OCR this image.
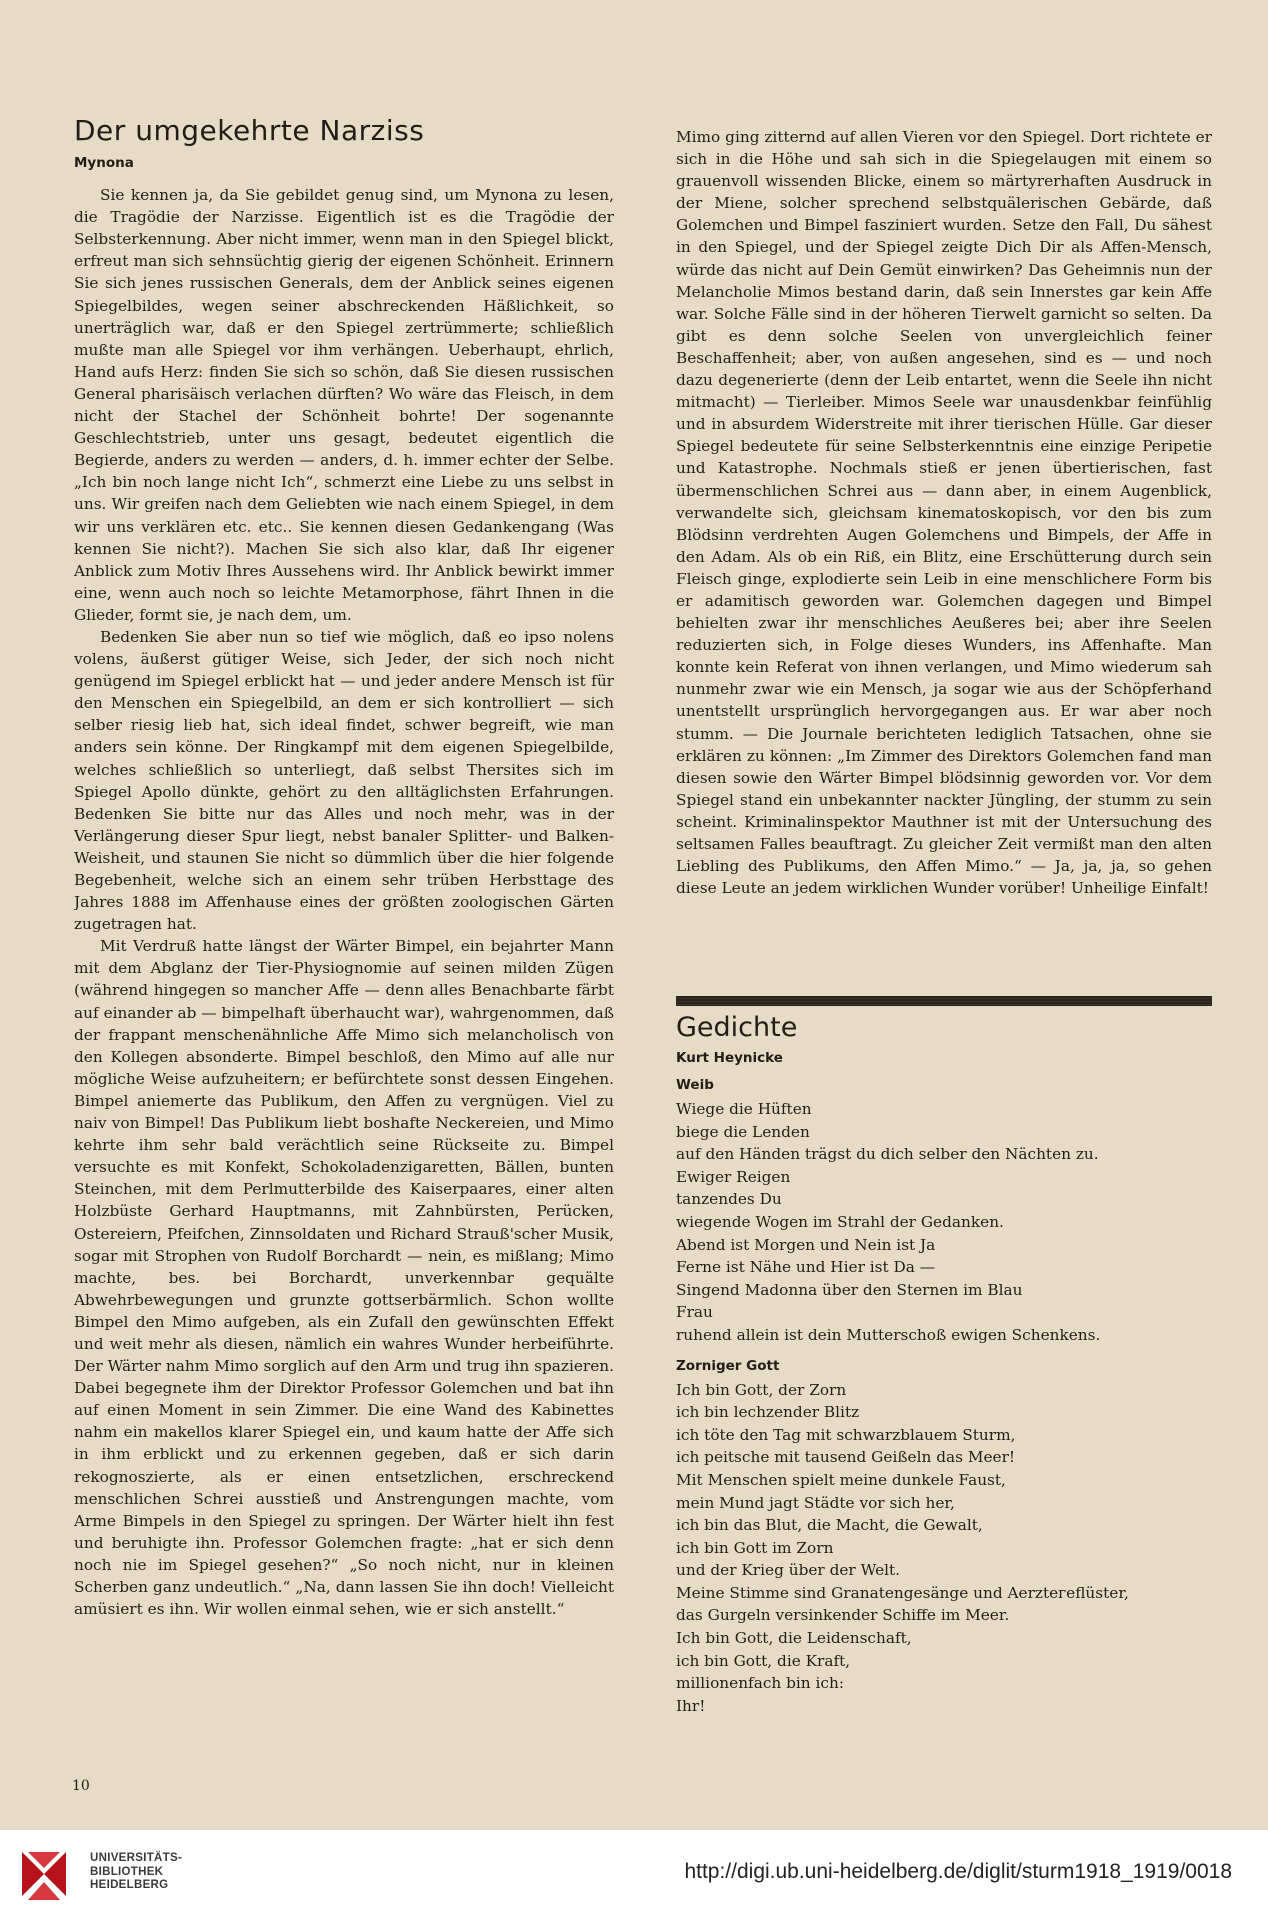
Der umgekehrte Narziss
Mynona

Sie kennen ja, da Sie gebildet genug sind, um Mynona zu lesen, die Tragödie der Narzisse. Eigentlich ist es die Tragödie der Selbsterkennung. Aber nicht immer, wenn man in den Spiegel blickt, erfreut man sich sehnsüchtig gierig der eigenen Schönheit. Erinnern Sie sich jenes russischen Generals, dem der Anblick seines eigenen Spiegelbildes, wegen seiner abschreckenden Häßlichkeit, so unerträglich war, daß er den Spiegel zertrümmerte; schließlich mußte man alle Spiegel vor ihm verhängen. Ueberhaupt, ehrlich, Hand aufs Herz: finden Sie sich so schön, daß Sie diesen russischen General pharisäisch verlachen dürften? Wo wäre das Fleisch, in dem nicht der Stachel der Schönheit bohrte! Der sogenannte Geschlechtstrieb, unter uns gesagt, bedeutet eigentlich die Begierde, anders zu werden — anders, d. h. immer echter der Selbe. „Ich bin noch lange nicht Ich“, schmerzt eine Liebe zu uns selbst in uns. Wir greifen nach dem Geliebten wie nach einem Spiegel, in dem wir uns verklären etc. etc.. Sie kennen diesen Gedankengang (Was kennen Sie nicht?). Machen Sie sich also klar, daß Ihr eigener Anblick zum Motiv Ihres Aussehens wird. Ihr Anblick bewirkt immer eine, wenn auch noch so leichte Metamorphose, fährt Ihnen in die Glieder, formt sie, je nach dem, um.

Bedenken Sie aber nun so tief wie möglich, daß eo ipso nolens volens, äußerst gütiger Weise, sich Jeder, der sich noch nicht genügend im Spiegel erblickt hat — und jeder andere Mensch ist für den Menschen ein Spiegelbild, an dem er sich kontrolliert — sich selber riesig lieb hat, sich ideal findet, schwer begreift, wie man anders sein könne. Der Ringkampf mit dem eigenen Spiegelbilde, welches schließlich so unterliegt, daß selbst Thersites sich im Spiegel Apollo dünkte, gehört zu den alltäglichsten Erfahrungen. Bedenken Sie bitte nur das Alles und noch mehr, was in der Verlängerung dieser Spur liegt, nebst banaler Splitter- und Balken-Weisheit, und staunen Sie nicht so dümmlich über die hier folgende Begebenheit, welche sich an einem sehr trüben Herbsttage des Jahres 1888 im Affenhause eines der größten zoologischen Gärten zugetragen hat.

Mit Verdruß hatte längst der Wärter Bimpel, ein bejahrter Mann mit dem Abglanz der Tier-Physiognomie auf seinen milden Zügen (während hingegen so mancher Affe — denn alles Benachbarte färbt auf einander ab — bimpelhaft überhaucht war), wahrgenommen, daß der frappant menschenähnliche Affe Mimo sich melancholisch von den Kollegen absonderte. Bimpel beschloß, den Mimo auf alle nur mögliche Weise aufzuheitern; er befürchtete sonst dessen Eingehen. Bimpel aniemerte das Publikum, den Affen zu vergnügen. Viel zu naiv von Bimpel! Das Publikum liebt boshafte Neckereien, und Mimo kehrte ihm sehr bald verächtlich seine Rückseite zu. Bimpel versuchte es mit Konfekt, Schokoladenzigaretten, Bällen, bunten Steinchen, mit dem Perlmutterbilde des Kaiserpaares, einer alten Holzbüste Gerhard Hauptmanns, mit Zahnbürsten, Perücken, Ostereiern, Pfeifchen, Zinnsoldaten und Richard Strauß'scher Musik, sogar mit Strophen von Rudolf Borchardt — nein, es mißlang; Mimo machte, bes. bei Borchardt, unverkennbar gequälte Abwehrbewegungen und grunzte gottserbärmlich. Schon wollte Bimpel den Mimo aufgeben, als ein Zufall den gewünschten Effekt und weit mehr als diesen, nämlich ein wahres Wunder herbeiführte. Der Wärter nahm Mimo sorglich auf den Arm und trug ihn spazieren. Dabei begegnete ihm der Direktor Professor Golemchen und bat ihn auf einen Moment in sein Zimmer. Die eine Wand des Kabinettes nahm ein makellos klarer Spiegel ein, und kaum hatte der Affe sich in ihm erblickt und zu erkennen gegeben, daß er sich darin rekognoszierte, als er einen entsetzlichen, erschreckend menschlichen Schrei ausstieß und Anstrengungen machte, vom Arme Bimpels in den Spiegel zu springen. Der Wärter hielt ihn fest und beruhigte ihn. Professor Golemchen fragte: „hat er sich denn noch nie im Spiegel gesehen?“ „So noch nicht, nur in kleinen Scherben ganz undeutlich.“ „Na, dann lassen Sie ihn doch! Vielleicht amüsiert es ihn. Wir wollen einmal sehen, wie er sich anstellt.“

Mimo ging zitternd auf allen Vieren vor den Spiegel. Dort richtete er sich in die Höhe und sah sich in die Spiegelaugen mit einem so grauenvoll wissenden Blicke, einem so märtyrerhaften Ausdruck in der Miene, solcher sprechend selbstquälerischen Gebärde, daß Golemchen und Bimpel fasziniert wurden. Setze den Fall, Du sähest in den Spiegel, und der Spiegel zeigte Dich Dir als Affen-Mensch, würde das nicht auf Dein Gemüt einwirken? Das Geheimnis nun der Melancholie Mimos bestand darin, daß sein Innerstes gar kein Affe war. Solche Fälle sind in der höheren Tierwelt garnicht so selten. Da gibt es denn solche Seelen von unvergleichlich feiner Beschaffenheit; aber, von außen angesehen, sind es — und noch dazu degenerierte (denn der Leib entartet, wenn die Seele ihn nicht mitmacht) — Tierleiber. Mimos Seele war unausdenkbar feinfühlig und in absurdem Widerstreite mit ihrer tierischen Hülle. Gar dieser Spiegel bedeutete für seine Selbsterkenntnis eine einzige Peripetie und Katastrophe. Nochmals stieß er jenen übertierischen, fast übermenschlichen Schrei aus — dann aber, in einem Augenblick, verwandelte sich, gleichsam kinematoskopisch, vor den bis zum Blödsinn verdrehten Augen Golemchens und Bimpels, der Affe in den Adam. Als ob ein Riß, ein Blitz, eine Erschütterung durch sein Fleisch ginge, explodierte sein Leib in eine menschlichere Form bis er adamitisch geworden war. Golemchen dagegen und Bimpel behielten zwar ihr menschliches Aeußeres bei; aber ihre Seelen reduzierten sich, in Folge dieses Wunders, ins Affenhafte. Man konnte kein Referat von ihnen verlangen, und Mimo wiederum sah nunmehr zwar wie ein Mensch, ja sogar wie aus der Schöpferhand unentstellt ursprünglich hervorgegangen aus. Er war aber noch stumm. — Die Journale berichteten lediglich Tatsachen, ohne sie erklären zu können: „Im Zimmer des Direktors Golemchen fand man diesen sowie den Wärter Bimpel blödsinnig geworden vor. Vor dem Spiegel stand ein unbekannter nackter Jüngling, der stumm zu sein scheint. Kriminalinspektor Mauthner ist mit der Untersuchung des seltsamen Falles beauftragt. Zu gleicher Zeit vermißt man den alten Liebling des Publikums, den Affen Mimo.“ — Ja, ja, ja, so gehen diese Leute an jedem wirklichen Wunder vorüber! Unheilige Einfalt!

Gedichte
Kurt Heynicke
Weib
Wiege die Hüften
biege die Lenden
auf den Händen trägst du dich selber den Nächten zu.
Ewiger Reigen
tanzendes Du
wiegende Wogen im Strahl der Gedanken.
Abend ist Morgen und Nein ist Ja
Ferne ist Nähe und Hier ist Da —
Singend Madonna über den Sternen im Blau
Frau
ruhend allein ist dein Mutterschoß ewigen Schenkens.
Zorniger Gott
Ich bin Gott, der Zorn
ich bin lechzender Blitz
ich töte den Tag mit schwarzblauem Sturm,
ich peitsche mit tausend Geißeln das Meer!
Mit Menschen spielt meine dunkele Faust,
mein Mund jagt Städte vor sich her,
ich bin das Blut, die Macht, die Gewalt,
ich bin Gott im Zorn
und der Krieg über der Welt.
Meine Stimme sind Granatengesänge und Aerzteгeflüster,
das Gurgeln versinkender Schiffe im Meer.
Ich bin Gott, die Leidenschaft,
ich bin Gott, die Kraft,
millionenfach bin ich:
Ihr!
10
UNIVERSITÄTS-
BIBLIOTHEK
HEIDELBERG
http://digi.ub.uni-heidelberg.de/diglit/sturm1918_1919/0018
